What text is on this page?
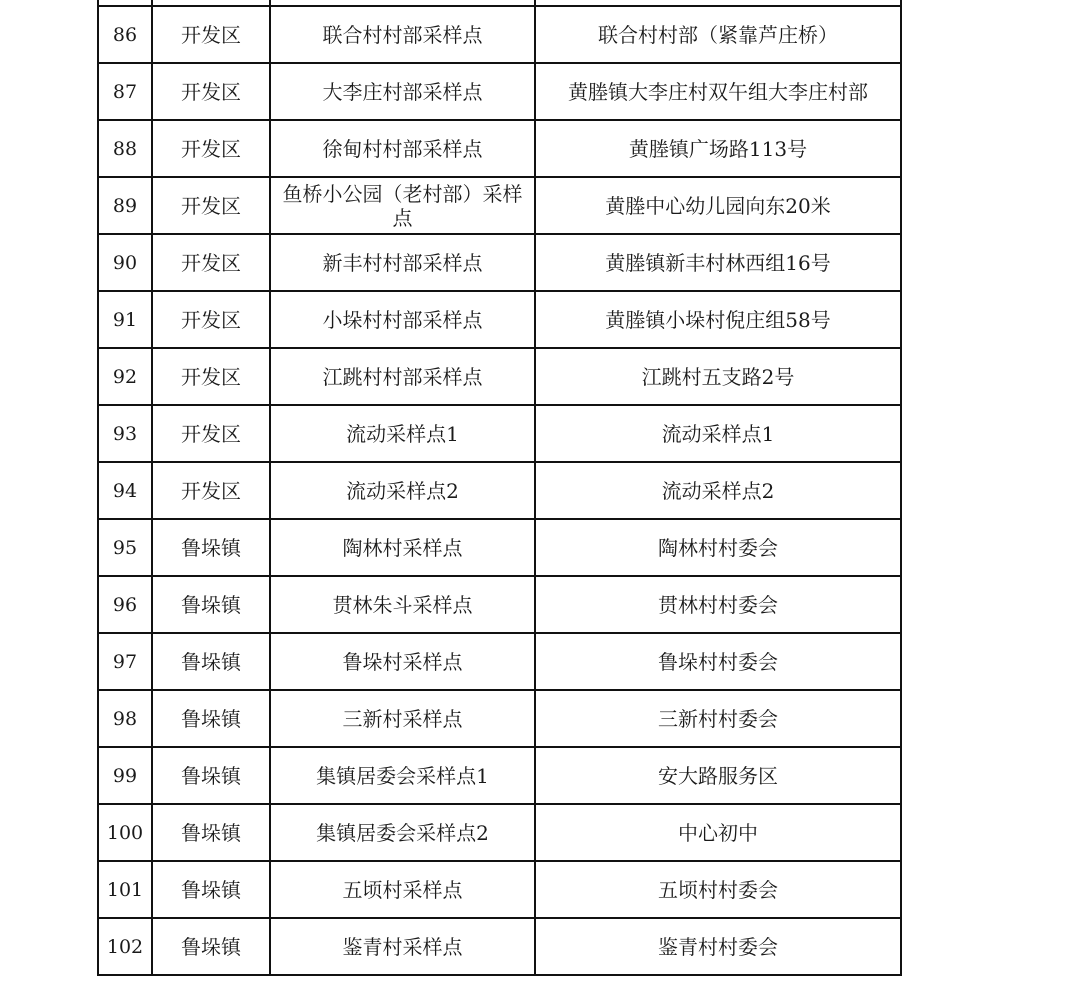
86	开发区	联合村村部采样点	联合村村部（紧靠芦庄桥）
87	开发区	大李庄村部采样点	黄塍镇大李庄村双午组大李庄村部
88	开发区	徐甸村村部采样点	黄塍镇广场路113号
89	开发区	鱼桥小公园（老村部）采样点	黄塍中心幼儿园向东20米
90	开发区	新丰村村部采样点	黄塍镇新丰村林西组16号
91	开发区	小垛村村部采样点	黄塍镇小垛村倪庄组58号
92	开发区	江跳村村部采样点	江跳村五支路2号
93	开发区	流动采样点1	流动采样点1
94	开发区	流动采样点2	流动采样点2
95	鲁垛镇	陶林村采样点	陶林村村委会
96	鲁垛镇	贯林朱斗采样点	贯林村村委会
97	鲁垛镇	鲁垛村采样点	鲁垛村村委会
98	鲁垛镇	三新村采样点	三新村村委会
99	鲁垛镇	集镇居委会采样点1	安大路服务区
100	鲁垛镇	集镇居委会采样点2	中心初中
101	鲁垛镇	五顷村采样点	五顷村村委会
102	鲁垛镇	鉴青村采样点	鉴青村村委会
